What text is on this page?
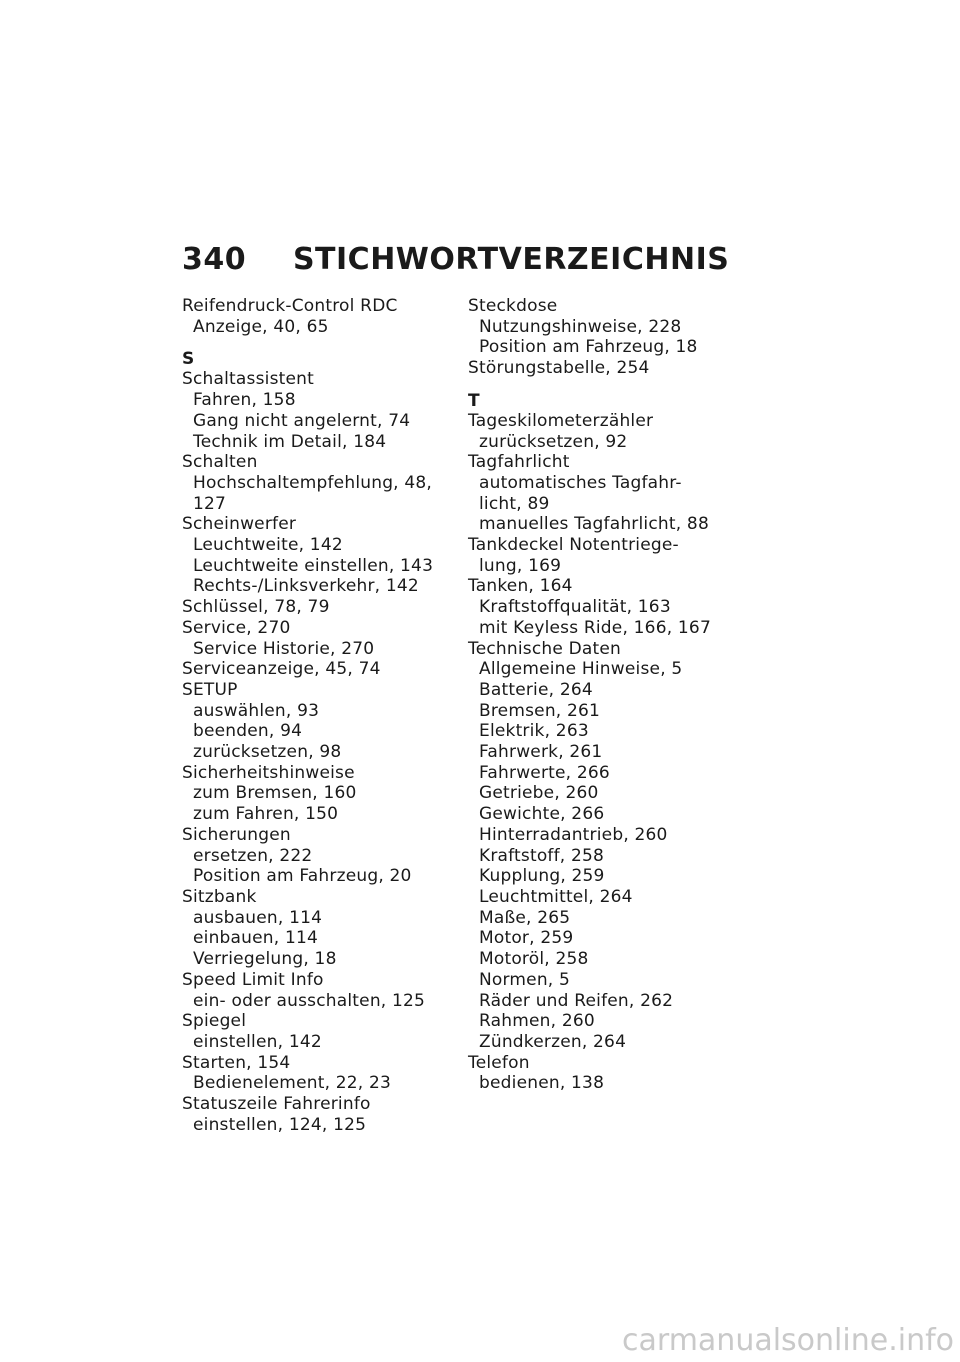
340 STICHWORTVERZEICHNIS
Reifendruck-Control RDC
Anzeige, 40, 65
S
Schaltassistent
Fahren, 158
Gang nicht angelernt, 74
Technik im Detail, 184
Schalten
Hochschaltempfehlung, 48,
127
Scheinwerfer
Leuchtweite, 142
Leuchtweite einstellen, 143
Rechts-/Linksverkehr, 142
Schlüssel, 78, 79
Service, 270
Service Historie, 270
Serviceanzeige, 45, 74
SETUP
auswählen, 93
beenden, 94
zurücksetzen, 98
Sicherheitshinweise
zum Bremsen, 160
zum Fahren, 150
Sicherungen
ersetzen, 222
Position am Fahrzeug, 20
Sitzbank
ausbauen, 114
einbauen, 114
Verriegelung, 18
Speed Limit Info
ein- oder ausschalten, 125
Spiegel
einstellen, 142
Starten, 154
Bedienelement, 22, 23
Statuszeile Fahrerinfo
einstellen, 124, 125
Steckdose
Nutzungshinweise, 228
Position am Fahrzeug, 18
Störungstabelle, 254
T
Tageskilometerzähler
zurücksetzen, 92
Tagfahrlicht
automatisches Tagfahr-
licht, 89
manuelles Tagfahrlicht, 88
Tankdeckel Notentriege-
lung, 169
Tanken, 164
Kraftstoffqualität, 163
mit Keyless Ride, 166, 167
Technische Daten
Allgemeine Hinweise, 5
Batterie, 264
Bremsen, 261
Elektrik, 263
Fahrwerk, 261
Fahrwerte, 266
Getriebe, 260
Gewichte, 266
Hinterradantrieb, 260
Kraftstoff, 258
Kupplung, 259
Leuchtmittel, 264
Maße, 265
Motor, 259
Motoröl, 258
Normen, 5
Räder und Reifen, 262
Rahmen, 260
Zündkerzen, 264
Telefon
bedienen, 138
carmanualsonline.info
